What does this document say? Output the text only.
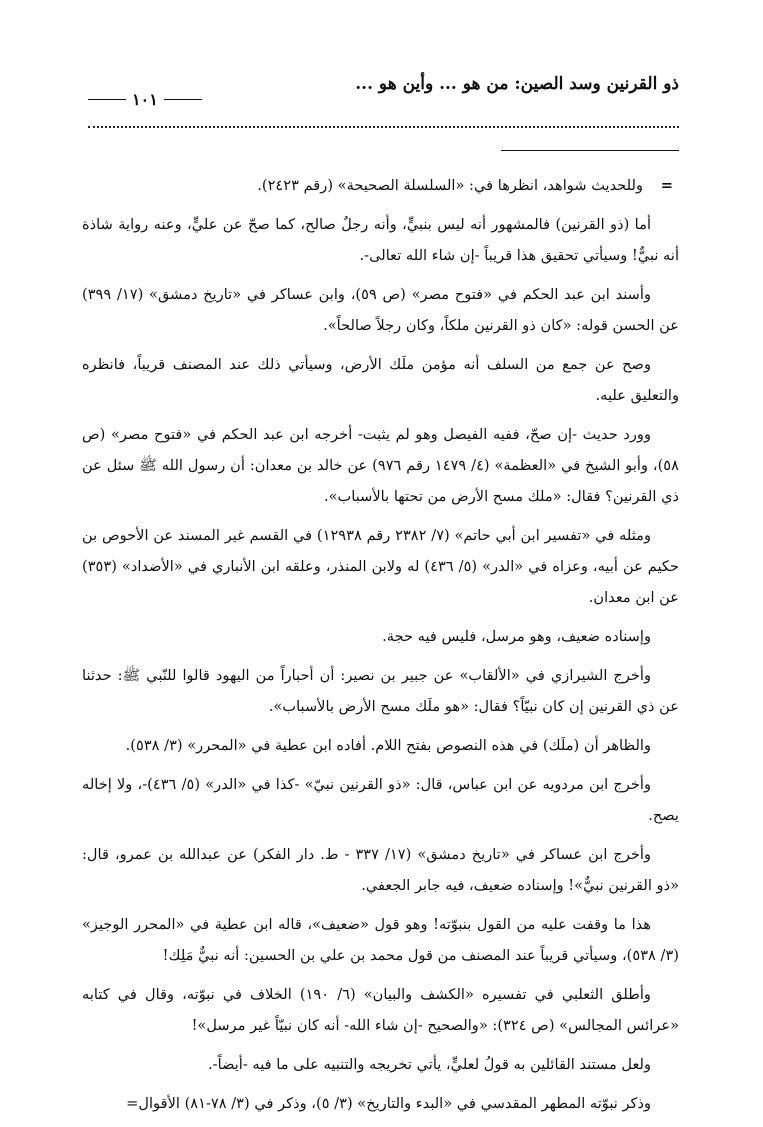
ذو القرنين وسد الصين: من هو ... وأين هو ...
١٠١

=وللحديث شواهد، انظرها في: «السلسلة الصحيحة» (رقم ٢٤٢٣).

أما (ذو القرنين) فالمشهور أنه ليس بنبيٍّ، وأنه رجلٌ صالح، كما صحّ عن عليٍّ، وعنه رواية شاذة أنه نبيٌّ! وسيأتي تحقيق هذا قريباً -إن شاء الله تعالى-.

وأسند ابن عبد الحكم في «فتوح مصر» (ص ٥٩)، وابن عساكر في «تاريخ دمشق» (١٧/ ٣٩٩) عن الحسن قوله: «كان ذو القرنين ملكاً، وكان رجلاً صالحاً».

وصح عن جمع من السلف أنه مؤمن ملَك الأرض، وسيأتي ذلك عند المصنف قريباً، فانظره والتعليق عليه.

وورد حديث -إن صحّ، ففيه الفيصل وهو لم يثبت- أخرجه ابن عبد الحكم في «فتوح مصر» (ص ٥٨)، وأبو الشيخ في «العظمة» (٤/ ١٤٧٩ رقم ٩٧٦) عن خالد بن معدان: أن رسول الله ﷺ سئل عن ذي القرنين؟ فقال: «ملك مسح الأرض من تحتها بالأسباب».

ومثله في «تفسير ابن أبي حاتم» (٧/ ٢٣٨٢ رقم ١٢٩٣٨) في القسم غير المسند عن الأحوص بن حكيم عن أبيه، وعزاه في «الدر» (٥/ ٤٣٦) له ولابن المنذر، وعلقه ابن الأنباري في «الأضداد» (٣٥٣) عن ابن معدان.

وإسناده ضعيف، وهو مرسل، فليس فيه حجة.

وأخرج الشيرازي في «الألقاب» عن جبير بن نصير: أن أحباراً من اليهود قالوا للنّبي ﷺ: حدثنا عن ذي القرنين إن كان نبيّاً؟ فقال: «هو ملَك مسح الأرض بالأسباب».

والظاهر أن (ملَك) في هذه النصوص بفتح اللام. أفاده ابن عطية في «المحرر» (٣/ ٥٣٨).

وأخرج ابن مردويه عن ابن عباس، قال: «ذو القرنين نبيّ» -كذا في «الدر» (٥/ ٤٣٦)-، ولا إخاله يصح.

وأخرج ابن عساكر في «تاريخ دمشق» (١٧/ ٣٣٧ - ط. دار الفكر) عن عبدالله بن عمرو، قال: «ذو القرنين نبيٌّ»! وإسناده ضعيف، فيه جابر الجعفي.

هذا ما وقفت عليه من القول بنبوّته! وهو قول «ضعيف»، قاله ابن عطية في «المحرر الوجيز» (٣/ ٥٣٨)، وسيأتي قريباً عند المصنف من قول محمد بن علي بن الحسين: أنه نبيٌّ مَلِك!

وأطلق الثعلبي في تفسيره «الكشف والبيان» (٦/ ١٩٠) الخلاف في نبوّته، وقال في كتابه «عرائس المجالس» (ص ٣٢٤): «والصحيح -إن شاء الله- أنه كان نبيّاً غير مرسل»!

ولعل مستند القائلين به قولُ لعليٍّ، يأتي تخريجه والتنبيه على ما فيه -أيضاً-.

وذكر نبوّته المطهر المقدسي في «البدء والتاريخ» (٣/ ٥)، وذكر في (٣/ ٧٨-٨١) الأقوال=
